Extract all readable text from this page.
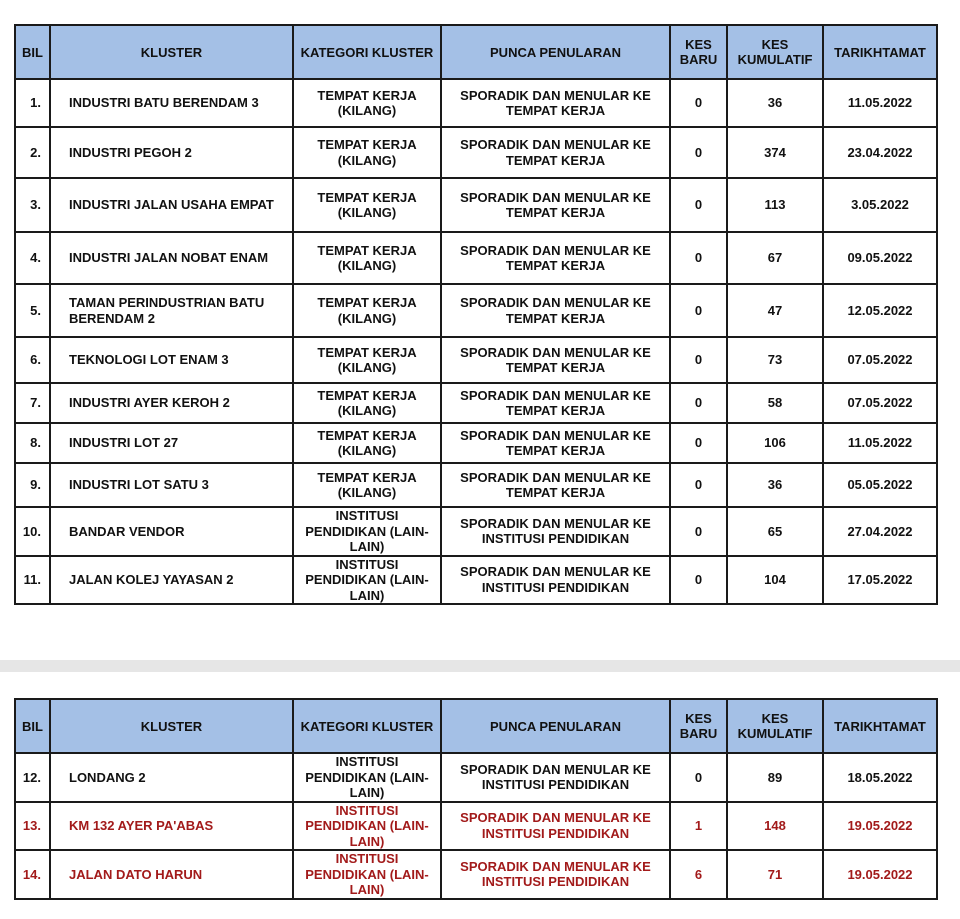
BIL	KLUSTER	KATEGORI KLUSTER	PUNCA PENULARAN	KES BARU	KES KUMULATIF	TARIKHTAMAT
1.	INDUSTRI BATU BERENDAM 3	TEMPAT KERJA (KILANG)	SPORADIK DAN MENULAR KE TEMPAT KERJA	0	36	11.05.2022
2.	INDUSTRI PEGOH 2	TEMPAT KERJA (KILANG)	SPORADIK DAN MENULAR KE TEMPAT KERJA	0	374	23.04.2022
3.	INDUSTRI JALAN USAHA EMPAT	TEMPAT KERJA (KILANG)	SPORADIK DAN MENULAR KE TEMPAT KERJA	0	113	3.05.2022
4.	INDUSTRI JALAN NOBAT ENAM	TEMPAT KERJA (KILANG)	SPORADIK DAN MENULAR KE TEMPAT KERJA	0	67	09.05.2022
5.	TAMAN PERINDUSTRIAN BATU BERENDAM 2	TEMPAT KERJA (KILANG)	SPORADIK DAN MENULAR KE TEMPAT KERJA	0	47	12.05.2022
6.	TEKNOLOGI LOT ENAM 3	TEMPAT KERJA (KILANG)	SPORADIK DAN MENULAR KE TEMPAT KERJA	0	73	07.05.2022
7.	INDUSTRI AYER KEROH 2	TEMPAT KERJA (KILANG)	SPORADIK DAN MENULAR KE TEMPAT KERJA	0	58	07.05.2022
8.	INDUSTRI LOT 27	TEMPAT KERJA (KILANG)	SPORADIK DAN MENULAR KE TEMPAT KERJA	0	106	11.05.2022
9.	INDUSTRI LOT SATU 3	TEMPAT KERJA (KILANG)	SPORADIK DAN MENULAR KE TEMPAT KERJA	0	36	05.05.2022
10.	BANDAR VENDOR	INSTITUSI PENDIDIKAN (LAIN-LAIN)	SPORADIK DAN MENULAR KE INSTITUSI PENDIDIKAN	0	65	27.04.2022
11.	JALAN KOLEJ YAYASAN 2	INSTITUSI PENDIDIKAN (LAIN-LAIN)	SPORADIK DAN MENULAR KE INSTITUSI PENDIDIKAN	0	104	17.05.2022
BIL	KLUSTER	KATEGORI KLUSTER	PUNCA PENULARAN	KES BARU	KES KUMULATIF	TARIKHTAMAT
12.	LONDANG 2	INSTITUSI PENDIDIKAN (LAIN-LAIN)	SPORADIK DAN MENULAR KE INSTITUSI PENDIDIKAN	0	89	18.05.2022
13.	KM 132 AYER PA'ABAS	INSTITUSI PENDIDIKAN (LAIN-LAIN)	SPORADIK DAN MENULAR KE INSTITUSI PENDIDIKAN	1	148	19.05.2022
14.	JALAN DATO HARUN	INSTITUSI PENDIDIKAN (LAIN-LAIN)	SPORADIK DAN MENULAR KE INSTITUSI PENDIDIKAN	6	71	19.05.2022
